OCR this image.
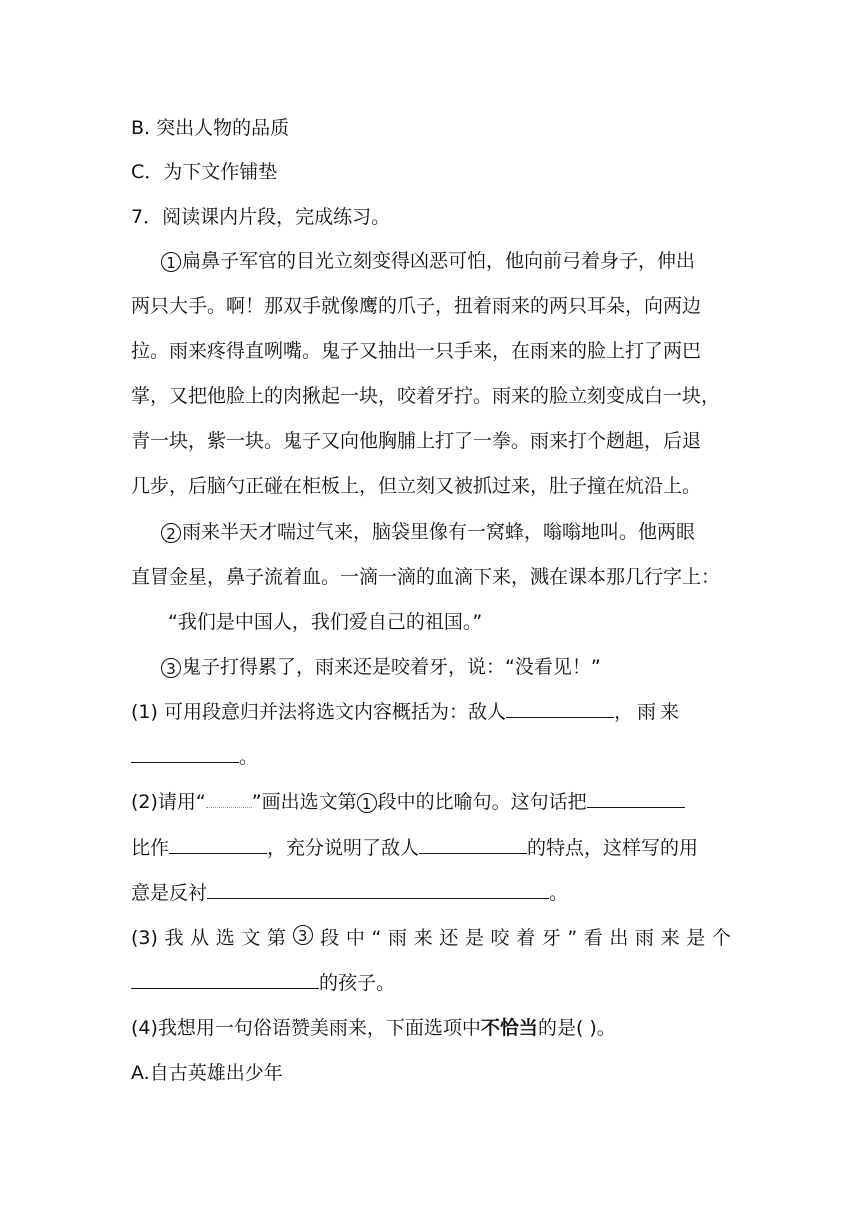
B. 突出人物的品质
C．为下文作铺垫
7．阅读课内片段，完成练习。
1 扁鼻子军官的目光立刻变得凶恶可怕，他向前弓着身子，伸出
两只大手。啊！那双手就像鹰的爪子，扭着雨来的两只耳朵，向两边
拉。雨来疼得直咧嘴。鬼子又抽出一只手来，在雨来的脸上打了两巴
掌，又把他脸上的肉揪起一块，咬着牙拧。雨来的脸立刻变成白一块，
青一块，紫一块。鬼子又向他胸脯上打了一拳。雨来打个趔趄，后退
几步，后脑勺正碰在柜板上，但立刻又被抓过来，肚子撞在炕沿上。
2 雨来半天才喘过气来，脑袋里像有一窝蜂，嗡嗡地叫。他两眼
直冒金星，鼻子流着血。一滴一滴的血滴下来，溅在课本那几行字上：
“我们是中国人，我们爱自己的祖国。”
3 鬼子打得累了，雨来还是咬着牙，说：“没看见！”
(1) 可用段意归并法将选文内容概括为：敌人	，雨来
。
(2)请用“ ”画出选文第 1 段中的比喻句。这句话把
比作	，充分说明了敌人	的特点，这样写的用
意是反衬	。
(3) 我 从 选 文 第 3 段 中 “ 雨 来 还 是 咬 着 牙 ” 看 出 雨 来 是 个
的孩子。
(4)我想用一句俗语赞美雨来，下面选项中不恰当的是( )。
A.自古英雄出少年
